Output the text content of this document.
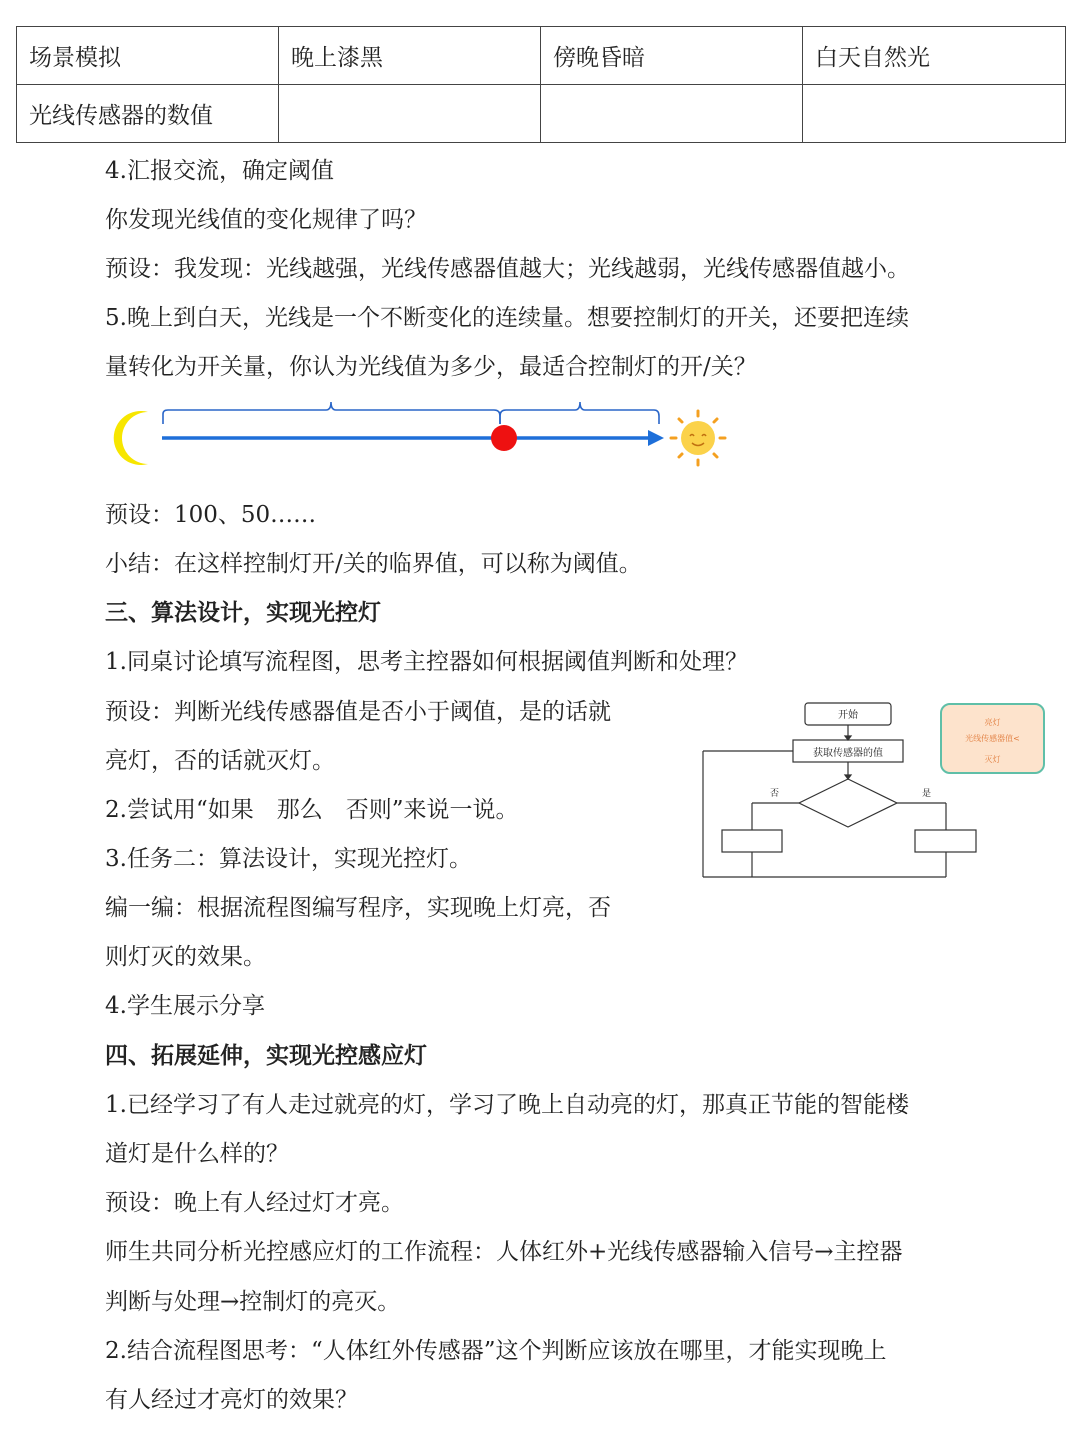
场景模拟	晚上漆黑	傍晚昏暗	白天自然光
光线传感器的数值			
4.汇报交流，确定阈值
你发现光线值的变化规律了吗？
预设：我发现：光线越强，光线传感器值越大；光线越弱，光线传感器值越小。
5.晚上到白天，光线是一个不断变化的连续量。想要控制灯的开关，还要把连续
量转化为开关量，你认为光线值为多少，最适合控制灯的开/关？
预设：100、50……
小结：在这样控制灯开/关的临界值，可以称为阈值。
三、算法设计，实现光控灯
1.同桌讨论填写流程图，思考主控器如何根据阈值判断和处理？
预设：判断光线传感器值是否小于阈值，是的话就
亮灯，否的话就灭灯。
2.尝试用“如果　那么　否则”来说一说。
3.任务二：算法设计，实现光控灯。
编一编：根据流程图编写程序，实现晚上灯亮，否
则灯灭的效果。
4.学生展示分享
四、拓展延伸，实现光控感应灯
1.已经学习了有人走过就亮的灯，学习了晚上自动亮的灯，那真正节能的智能楼
道灯是什么样的？
预设：晚上有人经过灯才亮。
师生共同分析光控感应灯的工作流程：人体红外+光线传感器输入信号→主控器
判断与处理→控制灯的亮灭。
2.结合流程图思考：“人体红外传感器”这个判断应该放在哪里，才能实现晚上
有人经过才亮灯的效果？
开始
获取传感器的值
否	是
亮灯
光线传感器值<
灭灯
